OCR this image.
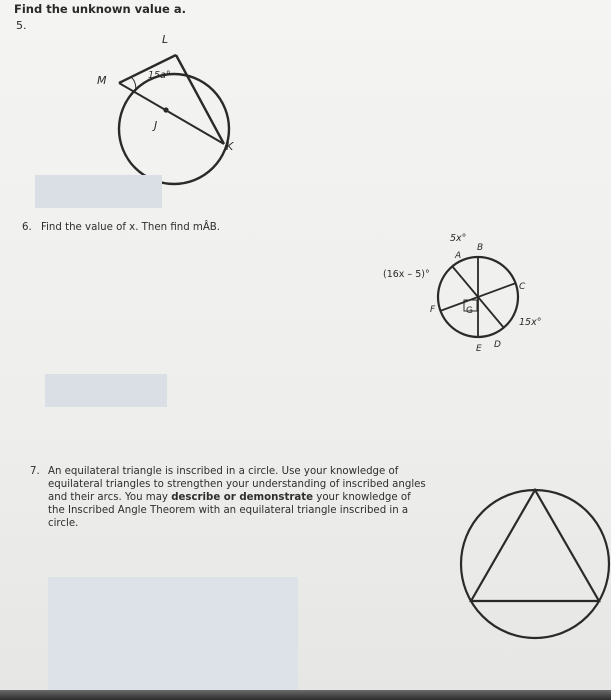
Find the unknown value a.
5.
L
M	15a°
J
K
6. Find the value of x. Then find mÂB.
5x°
A
B
(16x – 5)°
C
F	G
15x°
E D
7. An equilateral triangle is inscribed in a circle. Use your knowledge of equilateral triangles to strengthen your understanding of inscribed angles and their arcs. You may describe or demonstrate your knowledge of the Inscribed Angle Theorem with an equilateral triangle inscribed in a circle.
